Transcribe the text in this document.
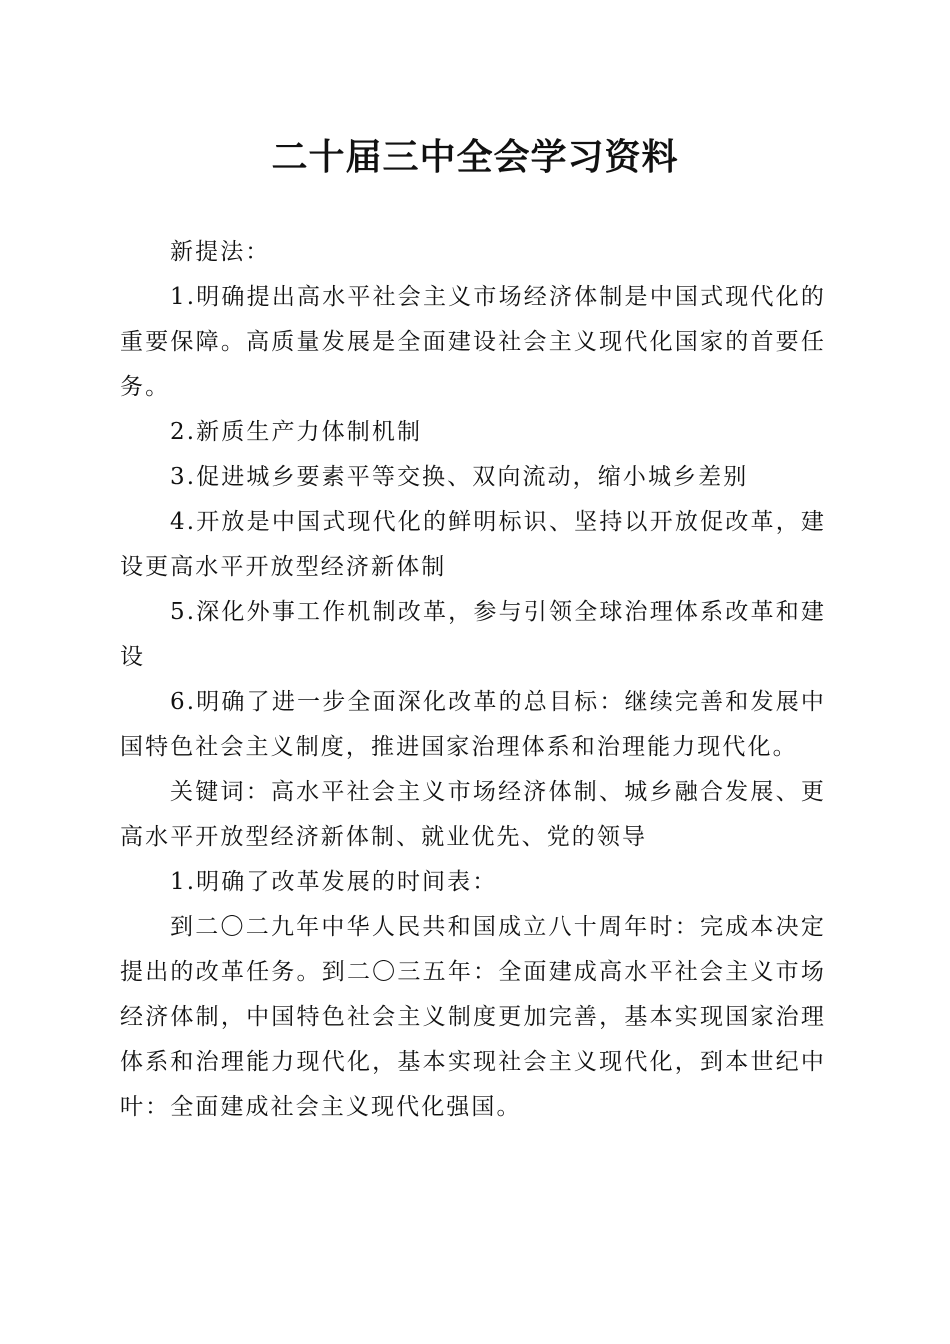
二十届三中全会学习资料

新提法：

1.明确提出高水平社会主义市场经济体制是中国式现代化的重要保障。高质量发展是全面建设社会主义现代化国家的首要任务。

2.新质生产力体制机制

3.促进城乡要素平等交换、双向流动，缩小城乡差别

4.开放是中国式现代化的鲜明标识、坚持以开放促改革，建设更高水平开放型经济新体制

5.深化外事工作机制改革，参与引领全球治理体系改革和建设

6.明确了进一步全面深化改革的总目标：继续完善和发展中国特色社会主义制度，推进国家治理体系和治理能力现代化。

关键词：高水平社会主义市场经济体制、城乡融合发展、更高水平开放型经济新体制、就业优先、党的领导

1.明确了改革发展的时间表：

到二〇二九年中华人民共和国成立八十周年时：完成本决定提出的改革任务。到二〇三五年：全面建成高水平社会主义市场经济体制，中国特色社会主义制度更加完善，基本实现国家治理体系和治理能力现代化，基本实现社会主义现代化，到本世纪中叶：全面建成社会主义现代化强国。
